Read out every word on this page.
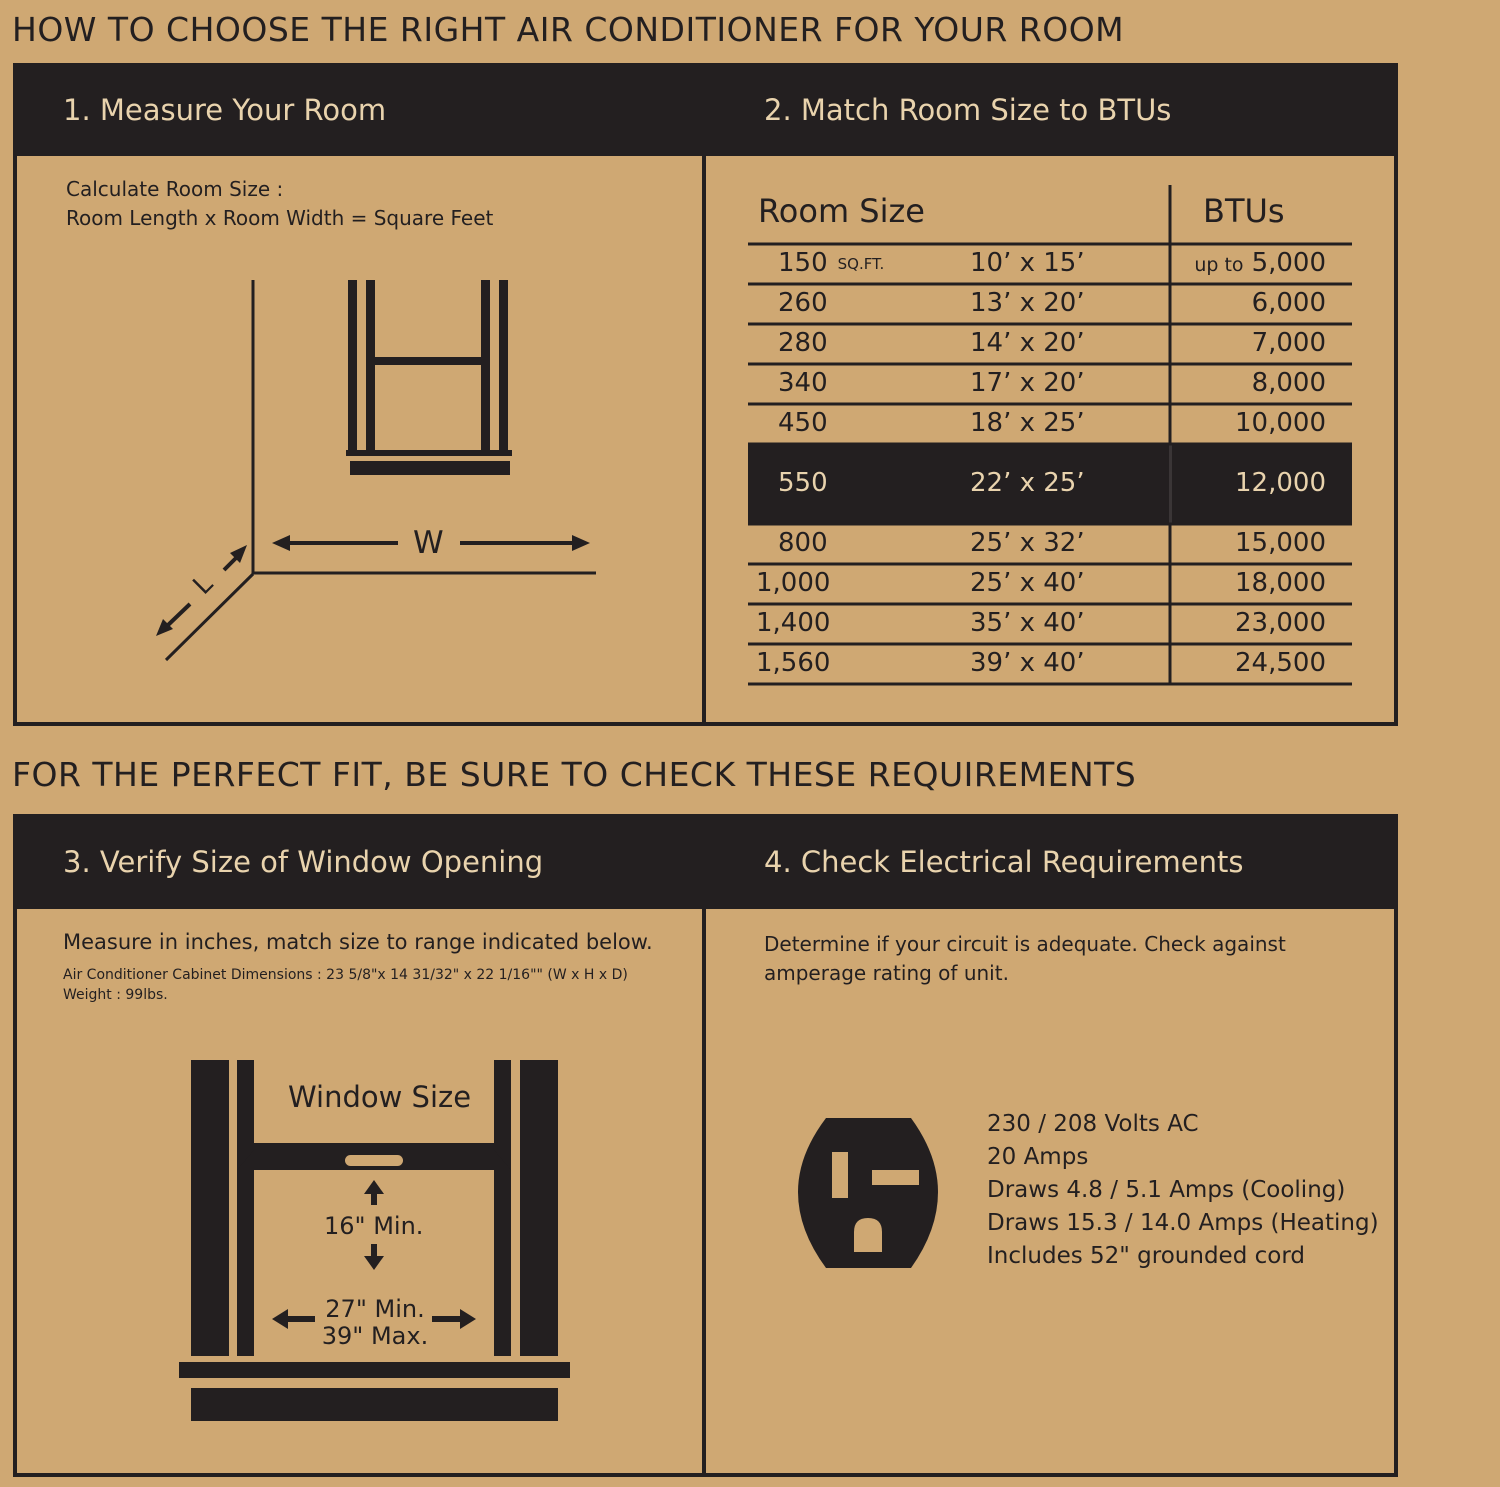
HOW TO CHOOSE THE RIGHT AIR CONDITIONER FOR YOUR ROOM
1. Measure Your Room
Calculate Room Size :
Room Length x Room Width = Square Feet
W
L
2. Match Room Size to BTUs
Room Size	BTUs
150 SQ.FT.	10’ x 15’	up to 5,000
260	13’ x 20’	6,000
280	14’ x 20’	7,000
340	17’ x 20’	8,000
450	18’ x 25’	10,000
550	22’ x 25’	12,000
800	25’ x 32’	15,000
1,000	25’ x 40’	18,000
1,400	35’ x 40’	23,000
1,560	39’ x 40’	24,500
FOR THE PERFECT FIT, BE SURE TO CHECK THESE REQUIREMENTS
3. Verify Size of Window Opening
Measure in inches, match size to range indicated below.
Air Conditioner Cabinet Dimensions : 23 5/8"x 14 31/32" x 22 1/16"" (W x H x D)
Weight : 99lbs.
Window Size
16" Min.
27" Min.
39" Max.
4. Check Electrical Requirements
Determine if your circuit is adequate. Check against
amperage rating of unit.
230 / 208 Volts AC
20 Amps
Draws 4.8 / 5.1 Amps (Cooling)
Draws 15.3 / 14.0 Amps (Heating)
Includes 52" grounded cord
